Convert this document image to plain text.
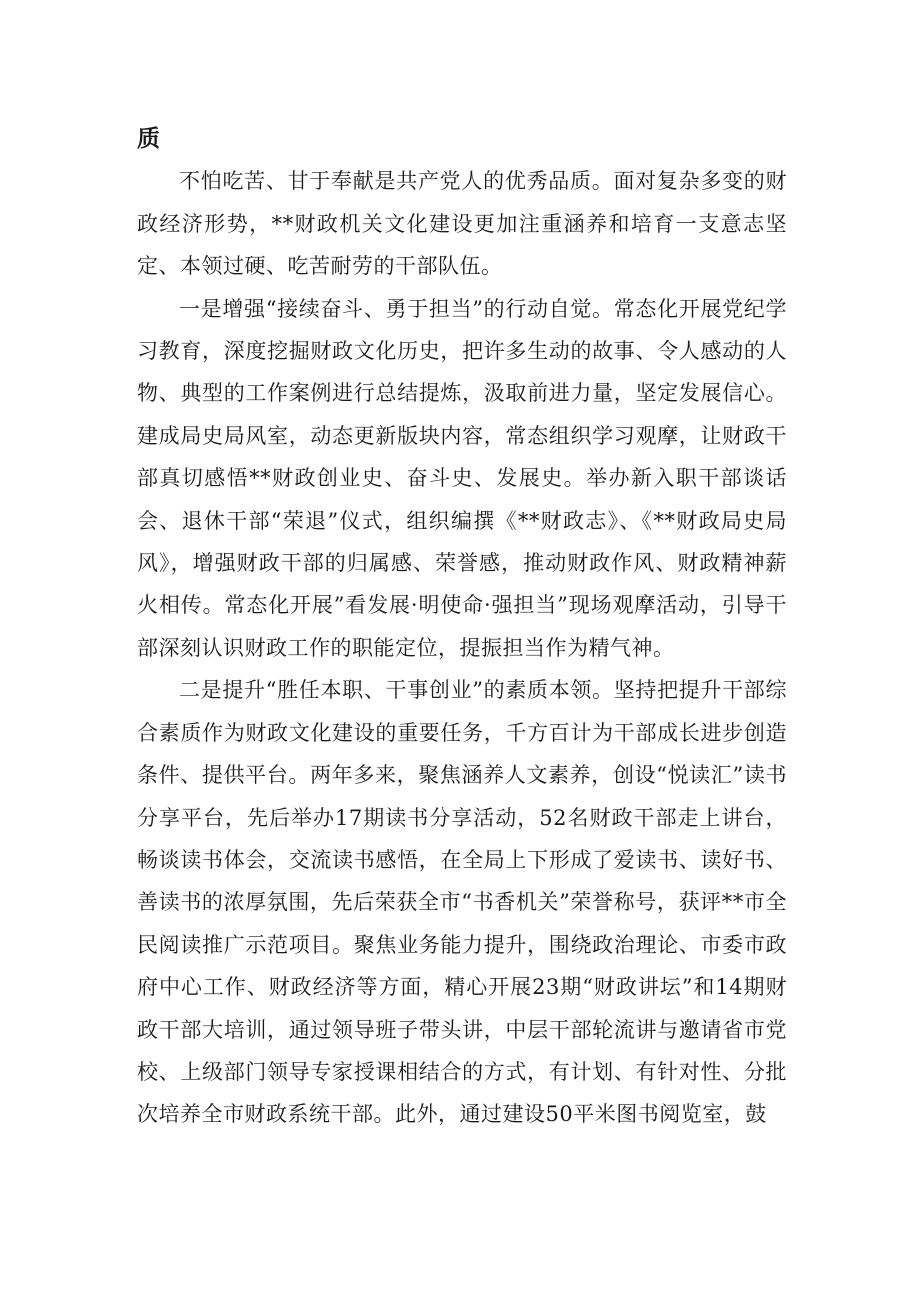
质

不怕吃苦、甘于奉献是共产党人的优秀品质。面对复杂多变的财政经济形势，**财政机关文化建设更加注重涵养和培育一支意志坚定、本领过硬、吃苦耐劳的干部队伍。

一是增强“接续奋斗、勇于担当”的行动自觉。常态化开展党纪学习教育，深度挖掘财政文化历史，把许多生动的故事、令人感动的人物、典型的工作案例进行总结提炼，汲取前进力量，坚定发展信心。建成局史局风室，动态更新版块内容，常态组织学习观摩，让财政干部真切感悟**财政创业史、奋斗史、发展史。举办新入职干部谈话会、退休干部“荣退”仪式，组织编撰《**财政志》、《**财政局史局风》，增强财政干部的归属感、荣誉感，推动财政作风、财政精神薪火相传。常态化开展”看发展·明使命·强担当”现场观摩活动，引导干部深刻认识财政工作的职能定位，提振担当作为精气神。

二是提升“胜任本职、干事创业”的素质本领。坚持把提升干部综合素质作为财政文化建设的重要任务，千方百计为干部成长进步创造条件、提供平台。两年多来，聚焦涵养人文素养，创设“悦读汇”读书分享平台，先后举办17期读书分享活动，52名财政干部走上讲台，畅谈读书体会，交流读书感悟，在全局上下形成了爱读书、读好书、善读书的浓厚氛围，先后荣获全市“书香机关”荣誉称号，获评**市全民阅读推广示范项目。聚焦业务能力提升，围绕政治理论、市委市政府中心工作、财政经济等方面，精心开展23期“财政讲坛”和14期财政干部大培训，通过领导班子带头讲，中层干部轮流讲与邀请省市党校、上级部门领导专家授课相结合的方式，有计划、有针对性、分批次培养全市财政系统干部。此外，通过建设50平米图书阅览室，鼓
